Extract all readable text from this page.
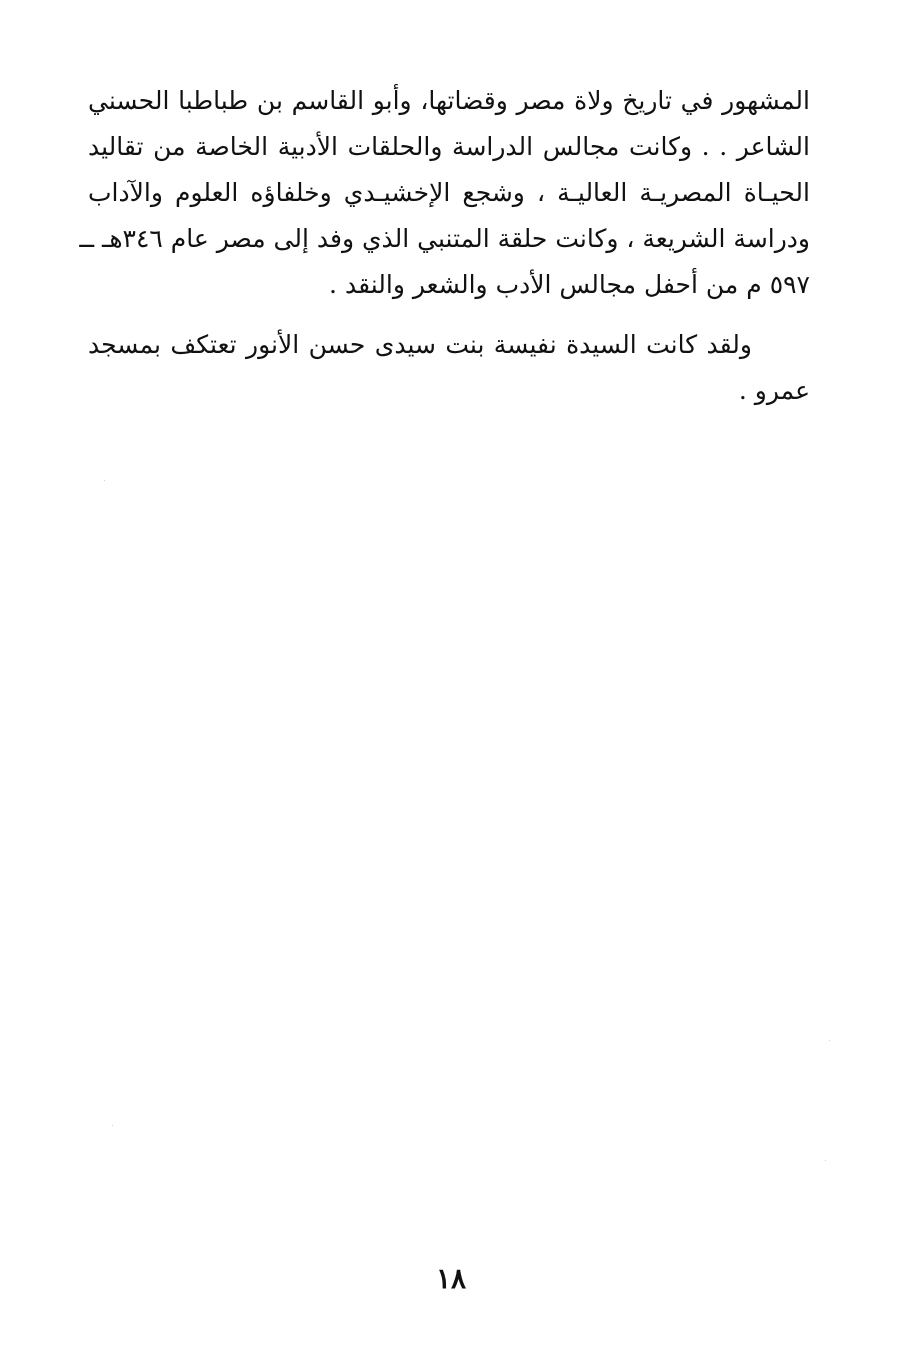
المشهور في تاريخ ولاة مصر وقضاتها، وأبو القاسم بن طباطبا الحسني
الشاعر . . وكانت مجالس الدراسة والحلقات الأدبية الخاصة من تقاليد
الحيـاة المصريـة العاليـة ، وشجع الإخشيـدي وخلفاؤه العلوم والآداب
ودراسة الشريعة ، وكانت حلقة المتنبي الذي وفد إلى مصر عام ٣٤٦هـ ــ
٥٩٧ م من أحفل مجالس الأدب والشعر والنقد .
ولقد كانت السيدة نفيسة بنت سيدى حسن الأنور تعتكف بمسجد
عمرو .
١٨
